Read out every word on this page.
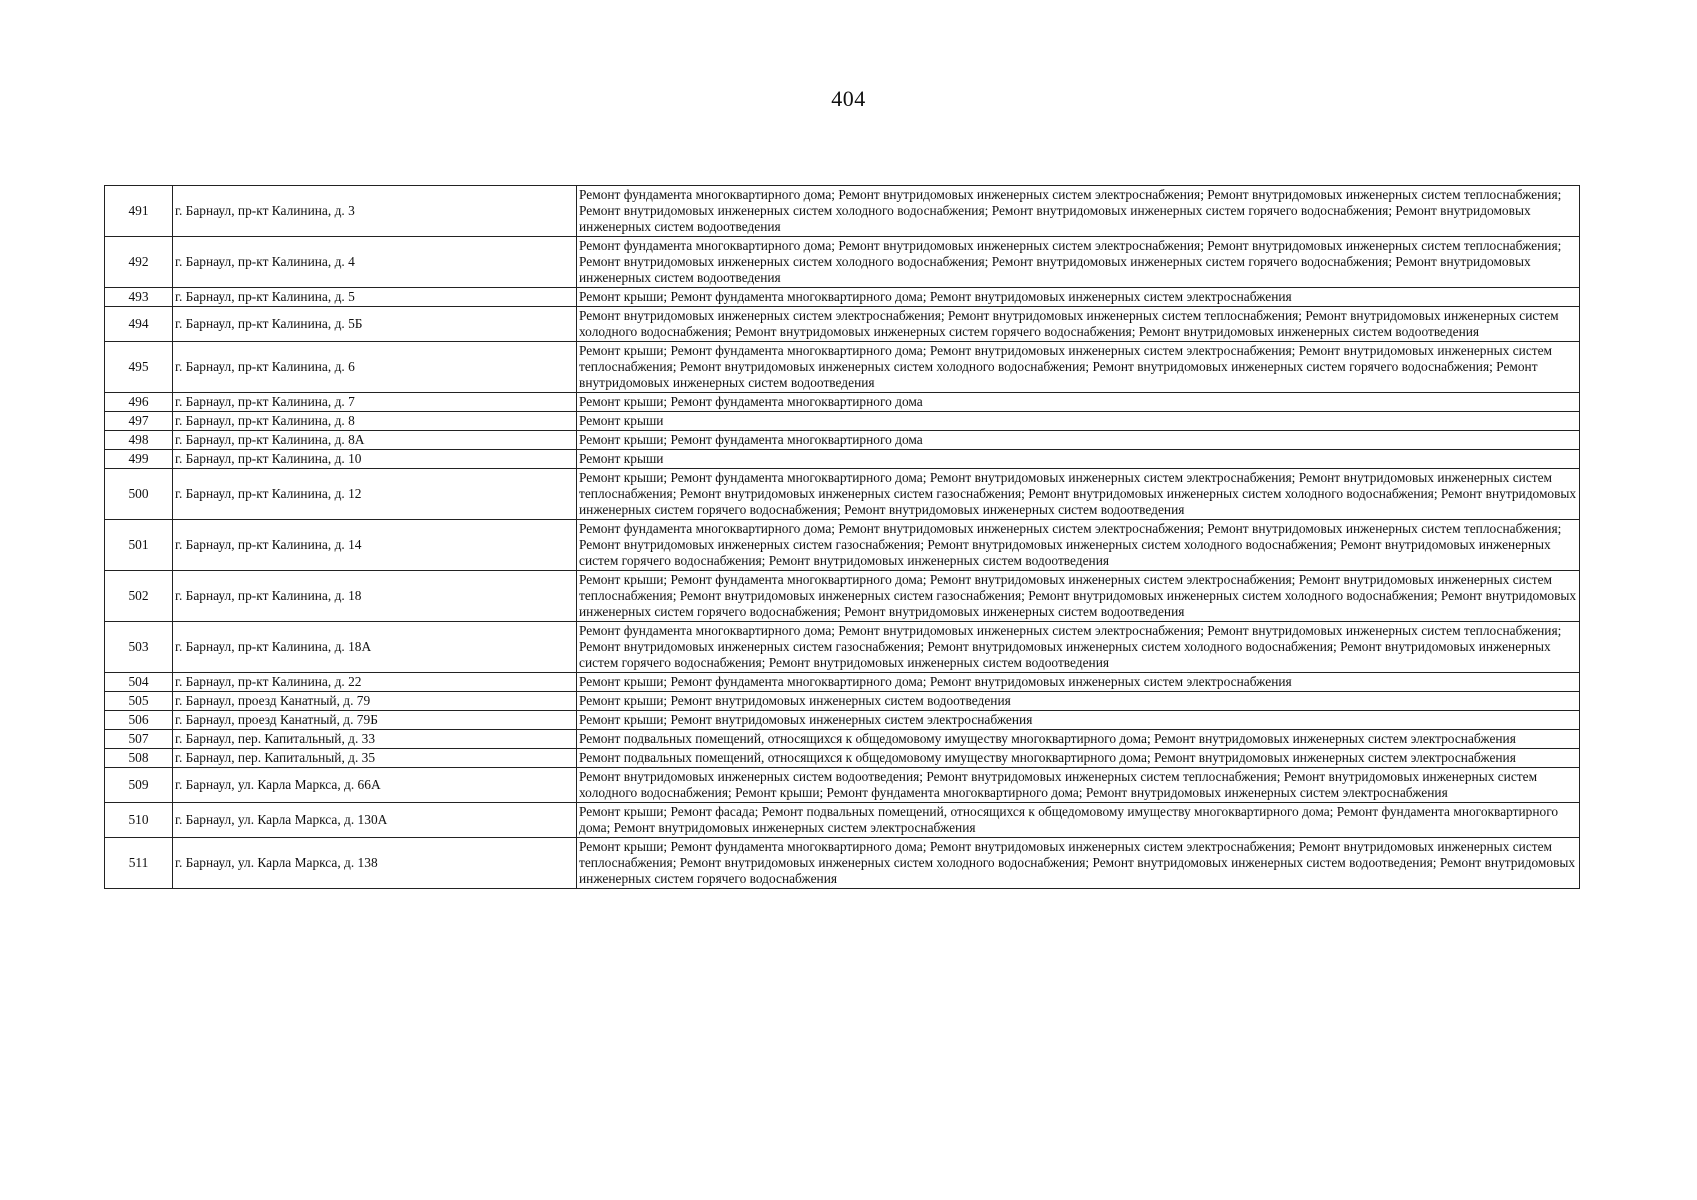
404
491	г. Барнаул, пр-кт Калинина, д. 3	Ремонт фундамента многоквартирного дома; Ремонт внутридомовых инженерных систем электроснабжения; Ремонт внутридомовых инженерных систем теплоснабжения; Ремонт внутридомовых инженерных систем холодного водоснабжения; Ремонт внутридомовых инженерных систем горячего водоснабжения; Ремонт внутридомовых инженерных систем водоотведения
492	г. Барнаул, пр-кт Калинина, д. 4	Ремонт фундамента многоквартирного дома; Ремонт внутридомовых инженерных систем электроснабжения; Ремонт внутридомовых инженерных систем теплоснабжения; Ремонт внутридомовых инженерных систем холодного водоснабжения; Ремонт внутридомовых инженерных систем горячего водоснабжения; Ремонт внутридомовых инженерных систем водоотведения
493	г. Барнаул, пр-кт Калинина, д. 5	Ремонт крыши; Ремонт фундамента многоквартирного дома; Ремонт внутридомовых инженерных систем электроснабжения
494	г. Барнаул, пр-кт Калинина, д. 5Б	Ремонт внутридомовых инженерных систем электроснабжения; Ремонт внутридомовых инженерных систем теплоснабжения; Ремонт внутридомовых инженерных систем холодного водоснабжения; Ремонт внутридомовых инженерных систем горячего водоснабжения; Ремонт внутридомовых инженерных систем водоотведения
495	г. Барнаул, пр-кт Калинина, д. 6	Ремонт крыши; Ремонт фундамента многоквартирного дома; Ремонт внутридомовых инженерных систем электроснабжения; Ремонт внутридомовых инженерных систем теплоснабжения; Ремонт внутридомовых инженерных систем холодного водоснабжения; Ремонт внутридомовых инженерных систем горячего водоснабжения; Ремонт внутридомовых инженерных систем водоотведения
496	г. Барнаул, пр-кт Калинина, д. 7	Ремонт крыши; Ремонт фундамента многоквартирного дома
497	г. Барнаул, пр-кт Калинина, д. 8	Ремонт крыши
498	г. Барнаул, пр-кт Калинина, д. 8А	Ремонт крыши; Ремонт фундамента многоквартирного дома
499	г. Барнаул, пр-кт Калинина, д. 10	Ремонт крыши
500	г. Барнаул, пр-кт Калинина, д. 12	Ремонт крыши; Ремонт фундамента многоквартирного дома; Ремонт внутридомовых инженерных систем электроснабжения; Ремонт внутридомовых инженерных систем теплоснабжения; Ремонт внутридомовых инженерных систем газоснабжения; Ремонт внутридомовых инженерных систем холодного водоснабжения; Ремонт внутридомовых инженерных систем горячего водоснабжения; Ремонт внутридомовых инженерных систем водоотведения
501	г. Барнаул, пр-кт Калинина, д. 14	Ремонт фундамента многоквартирного дома; Ремонт внутридомовых инженерных систем электроснабжения; Ремонт внутридомовых инженерных систем теплоснабжения; Ремонт внутридомовых инженерных систем газоснабжения; Ремонт внутридомовых инженерных систем холодного водоснабжения; Ремонт внутридомовых инженерных систем горячего водоснабжения; Ремонт внутридомовых инженерных систем водоотведения
502	г. Барнаул, пр-кт Калинина, д. 18	Ремонт крыши; Ремонт фундамента многоквартирного дома; Ремонт внутридомовых инженерных систем электроснабжения; Ремонт внутридомовых инженерных систем теплоснабжения; Ремонт внутридомовых инженерных систем газоснабжения; Ремонт внутридомовых инженерных систем холодного водоснабжения; Ремонт внутридомовых инженерных систем горячего водоснабжения; Ремонт внутридомовых инженерных систем водоотведения
503	г. Барнаул, пр-кт Калинина, д. 18А	Ремонт фундамента многоквартирного дома; Ремонт внутридомовых инженерных систем электроснабжения; Ремонт внутридомовых инженерных систем теплоснабжения; Ремонт внутридомовых инженерных систем газоснабжения; Ремонт внутридомовых инженерных систем холодного водоснабжения; Ремонт внутридомовых инженерных систем горячего водоснабжения; Ремонт внутридомовых инженерных систем водоотведения
504	г. Барнаул, пр-кт Калинина, д. 22	Ремонт крыши; Ремонт фундамента многоквартирного дома; Ремонт внутридомовых инженерных систем электроснабжения
505	г. Барнаул, проезд Канатный, д. 79	Ремонт крыши; Ремонт внутридомовых инженерных систем водоотведения
506	г. Барнаул, проезд Канатный, д. 79Б	Ремонт крыши; Ремонт внутридомовых инженерных систем электроснабжения
507	г. Барнаул, пер. Капитальный, д. 33	Ремонт подвальных помещений, относящихся к общедомовому имуществу многоквартирного дома; Ремонт внутридомовых инженерных систем электроснабжения
508	г. Барнаул, пер. Капитальный, д. 35	Ремонт подвальных помещений, относящихся к общедомовому имуществу многоквартирного дома; Ремонт внутридомовых инженерных систем электроснабжения
509	г. Барнаул, ул. Карла Маркса, д. 66А	Ремонт внутридомовых инженерных систем водоотведения; Ремонт внутридомовых инженерных систем теплоснабжения; Ремонт внутридомовых инженерных систем холодного водоснабжения; Ремонт крыши; Ремонт фундамента многоквартирного дома; Ремонт внутридомовых инженерных систем электроснабжения
510	г. Барнаул, ул. Карла Маркса, д. 130А	Ремонт крыши; Ремонт фасада; Ремонт подвальных помещений, относящихся к общедомовому имуществу многоквартирного дома; Ремонт фундамента многоквартирного дома; Ремонт внутридомовых инженерных систем электроснабжения
511	г. Барнаул, ул. Карла Маркса, д. 138	Ремонт крыши; Ремонт фундамента многоквартирного дома; Ремонт внутридомовых инженерных систем электроснабжения; Ремонт внутридомовых инженерных систем теплоснабжения; Ремонт внутридомовых инженерных систем холодного водоснабжения; Ремонт внутридомовых инженерных систем водоотведения; Ремонт внутридомовых инженерных систем горячего водоснабжения
